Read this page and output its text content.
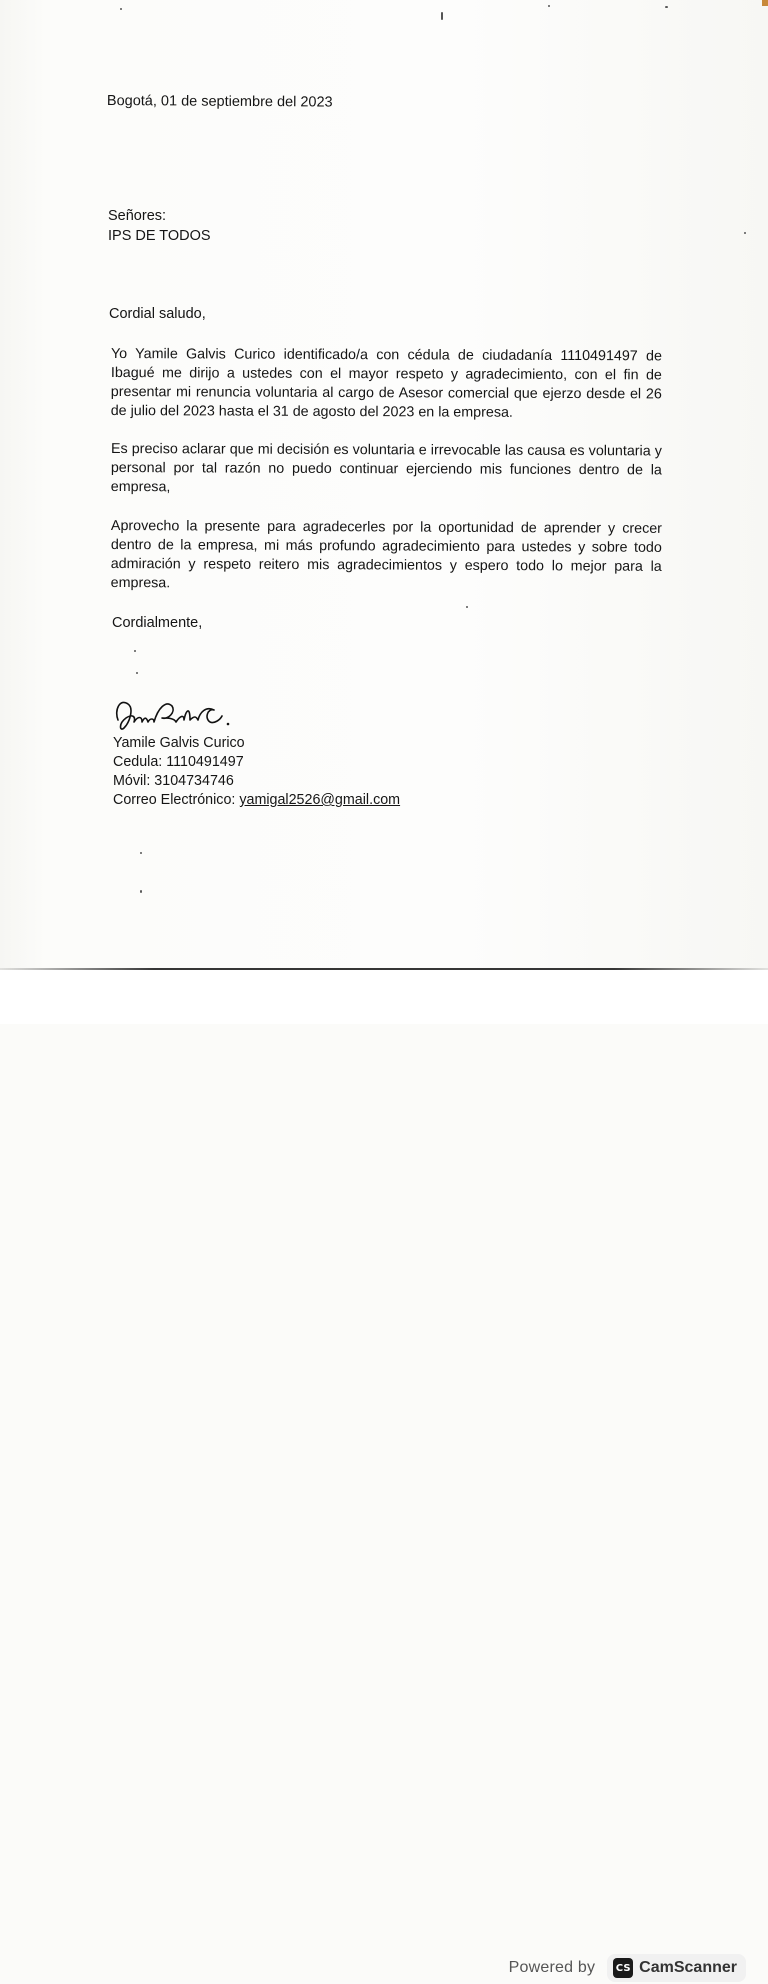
Bogotá, 01 de septiembre del 2023
Señores:
IPS DE TODOS
Cordial saludo,
Yo Yamile Galvis Curico identificado/a con cédula de ciudadanía 1110491497 de Ibagué me dirijo a ustedes con el mayor respeto y agradecimiento, con el fin de presentar mi renuncia voluntaria al cargo de Asesor comercial que ejerzo desde el 26 de julio del 2023 hasta el 31 de agosto del 2023 en la empresa.
Es preciso aclarar que mi decisión es voluntaria e irrevocable las causa es voluntaria y personal por tal razón no puedo continuar ejerciendo mis funciones dentro de la empresa,
Aprovecho la presente para agradecerles por la oportunidad de aprender y crecer dentro de la empresa, mi más profundo agradecimiento para ustedes y sobre todo admiración y respeto reitero mis agradecimientos y espero todo lo mejor para la empresa.
Cordialmente,
Yamile Galvis Curico
Cedula: 1110491497
Móvil: 3104734746
Correo Electrónico: yamigal2526@gmail.com
Powered by CS CamScanner
